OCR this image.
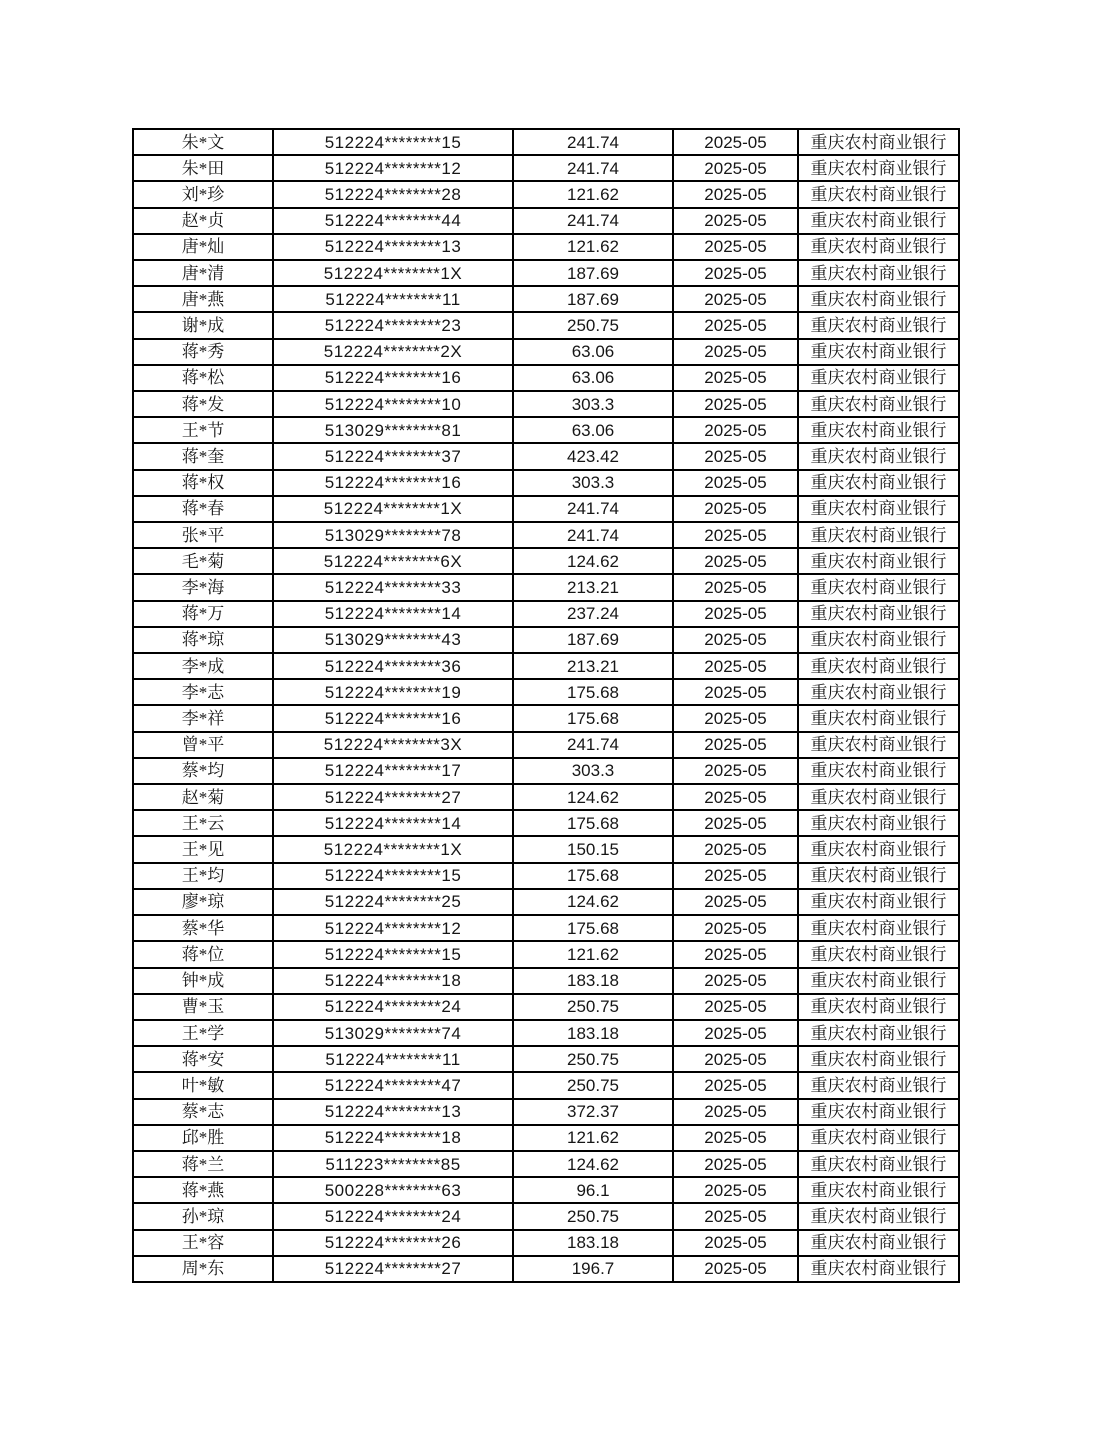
朱*文	512224********15	241.74	2025-05	重庆农村商业银行
朱*田	512224********12	241.74	2025-05	重庆农村商业银行
刘*珍	512224********28	121.62	2025-05	重庆农村商业银行
赵*贞	512224********44	241.74	2025-05	重庆农村商业银行
唐*灿	512224********13	121.62	2025-05	重庆农村商业银行
唐*清	512224********1X	187.69	2025-05	重庆农村商业银行
唐*燕	512224********11	187.69	2025-05	重庆农村商业银行
谢*成	512224********23	250.75	2025-05	重庆农村商业银行
蒋*秀	512224********2X	63.06	2025-05	重庆农村商业银行
蒋*松	512224********16	63.06	2025-05	重庆农村商业银行
蒋*发	512224********10	303.3	2025-05	重庆农村商业银行
王*节	513029********81	63.06	2025-05	重庆农村商业银行
蒋*奎	512224********37	423.42	2025-05	重庆农村商业银行
蒋*权	512224********16	303.3	2025-05	重庆农村商业银行
蒋*春	512224********1X	241.74	2025-05	重庆农村商业银行
张*平	513029********78	241.74	2025-05	重庆农村商业银行
毛*菊	512224********6X	124.62	2025-05	重庆农村商业银行
李*海	512224********33	213.21	2025-05	重庆农村商业银行
蒋*万	512224********14	237.24	2025-05	重庆农村商业银行
蒋*琼	513029********43	187.69	2025-05	重庆农村商业银行
李*成	512224********36	213.21	2025-05	重庆农村商业银行
李*志	512224********19	175.68	2025-05	重庆农村商业银行
李*祥	512224********16	175.68	2025-05	重庆农村商业银行
曾*平	512224********3X	241.74	2025-05	重庆农村商业银行
蔡*均	512224********17	303.3	2025-05	重庆农村商业银行
赵*菊	512224********27	124.62	2025-05	重庆农村商业银行
王*云	512224********14	175.68	2025-05	重庆农村商业银行
王*见	512224********1X	150.15	2025-05	重庆农村商业银行
王*均	512224********15	175.68	2025-05	重庆农村商业银行
廖*琼	512224********25	124.62	2025-05	重庆农村商业银行
蔡*华	512224********12	175.68	2025-05	重庆农村商业银行
蒋*位	512224********15	121.62	2025-05	重庆农村商业银行
钟*成	512224********18	183.18	2025-05	重庆农村商业银行
曹*玉	512224********24	250.75	2025-05	重庆农村商业银行
王*学	513029********74	183.18	2025-05	重庆农村商业银行
蒋*安	512224********11	250.75	2025-05	重庆农村商业银行
叶*敏	512224********47	250.75	2025-05	重庆农村商业银行
蔡*志	512224********13	372.37	2025-05	重庆农村商业银行
邱*胜	512224********18	121.62	2025-05	重庆农村商业银行
蒋*兰	511223********85	124.62	2025-05	重庆农村商业银行
蒋*燕	500228********63	96.1	2025-05	重庆农村商业银行
孙*琼	512224********24	250.75	2025-05	重庆农村商业银行
王*容	512224********26	183.18	2025-05	重庆农村商业银行
周*东	512224********27	196.7	2025-05	重庆农村商业银行
